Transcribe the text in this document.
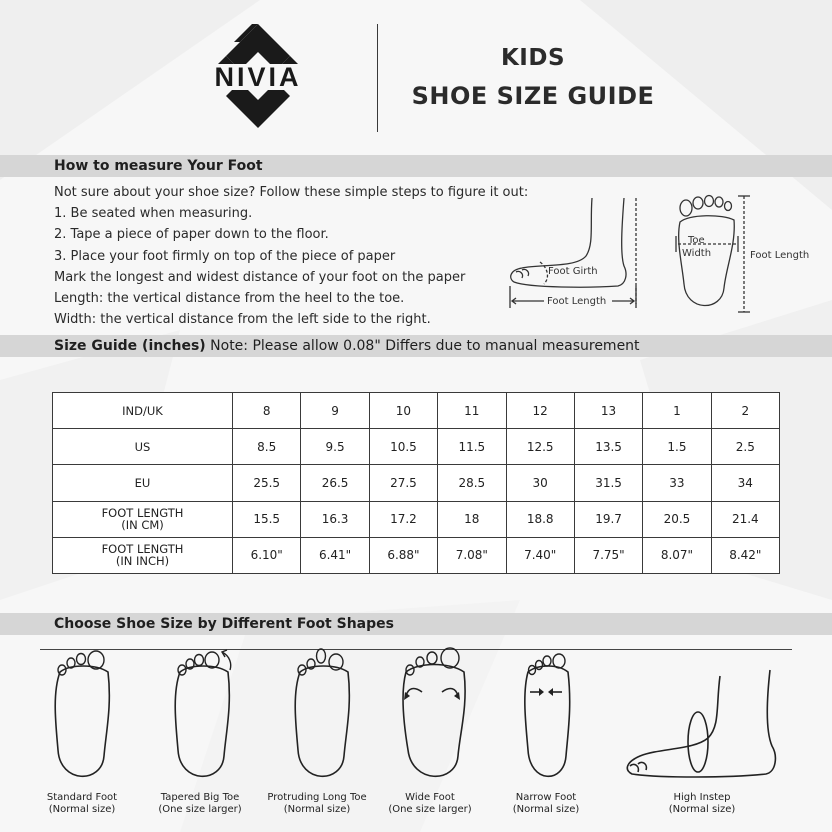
NIVIA
KIDS
SHOE SIZE GUIDE
How to measure Your Foot
Not sure about your shoe size? Follow these simple steps to figure it out:
1. Be seated when measuring.
2. Tape a piece of paper down to the floor.
3. Place your foot firmly on top of the piece of paper
Mark the longest and widest distance of your foot on the paper
Length: the vertical distance from the heel to the toe.
Width: the vertical distance from the left side to the right.
Foot Girth
Foot Length
Toe
Width	Foot Length
Size Guide (inches) Note: Please allow 0.08" Differs due to manual measurement
IND/UK	8	9	10	11	12	13	1	2
US	8.5	9.5	10.5	11.5	12.5	13.5	1.5	2.5
EU	25.5	26.5	27.5	28.5	30	31.5	33	34
FOOT LENGTH
(IN CM)	15.5	16.3	17.2	18	18.8	19.7	20.5	21.4
FOOT LENGTH
(IN INCH)	6.10"	6.41"	6.88"	7.08"	7.40"	7.75"	8.07"	8.42"
Choose Shoe Size by Different Foot Shapes
Standard Foot
(Normal size)
Tapered Big Toe
(One size larger)
Protruding Long Toe
(Normal size)
Wide Foot
(One size larger)
Narrow Foot
(Normal size)
High Instep
(Normal size)
